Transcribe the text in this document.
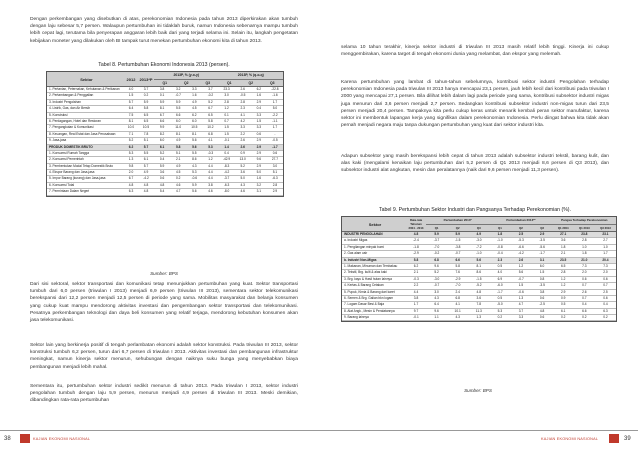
Dengan perkembangan yang disebutkan di atas, perekonomian Indonesia pada tahun 2013 diperkirakan akan tumbuh dengan laju sebesar 5,7 persen. Walaupun pertumbuhan ini tidaklah buruk, namun Indonesia sebenarnya mampu tumbuh lebih cepat lagi, terutama bila penyerapan anggaran lebih baik dari yang terjadi selama ini. Selain itu, langkah pengetatan kebijakan moneter yang dilakukan oleh BI tampak turut menekan pertumbuhan ekonomi kita di tahun 2013.
Tabel 8. Pertumbuhan Ekonomi Indonesia 2013 (persen).
Sektor	2012 2013*P
2013P, % (y-o-y)	2013P, % (q-o-q)
Q1	Q2	Q3	Q1	Q2	Q3
1. Pertanian, Peternakan, Kehutanan & Perikanan	4.0	3.7	3.8	3.2	3.3	3.7	23.3	2.6	6.2	-22.8
2. Pertambangan & Penggalian	1.5	0.2	0.1	-0.7	1.6	-0.2	3.0	-0.5	1.6	-1.6
3. Industri Pengolahan	5.7	5.9	5.9	5.9	4.9	5.2	2.8	2.8	2.9	1.7
4. Listrik, Gas, dan Air Bersih	6.4	5.8	8.1	5.5	4.5	6.7	1.2	2.3	0.4	5.0
5. Konstruksi	7.5	6.5	6.7	6.6	6.2	6.5	0.1	4.1	3.3	-2.2
6. Perdagangan, Hotel dan Restoran	8.1	6.5	6.6	6.0	6.0	5.8	0.7	4.2	1.5	-1.1
7. Pengangkutan & Komunikasi	10.0	10.5	9.9	11.0	10.5	10.2	1.5	3.3	3.3	1.7
8. Keuangan, Real Estat dan Jasa Perusahaan	7.1	7.8	8.2	8.1	8.1	6.8	1.5	2.2	0.6	-
9. Jasa-jasa	5.2	5.1	6.0	4.9	5.6	4.1	-0.1	2.6	2.9	-0.5
PRODUK DOMESTIK BRUTO	6.2	5.7	6.1	5.8	5.6	5.3	1.4	2.6	2.9	-1.7
1. Konsumsi Rumah Tangga	5.3	5.5	5.2	5.1	5.5	-0.3	0.4	0.9	2.9	0.6
2. Konsumsi Pemerintah	1.3	6.1	0.4	2.1	8.6	1.2	-42.9	13.0	9.6	27.7
3. Pembentukan Modal Tetap Domestik Bruto	9.8	5.7	5.9	4.9	4.3	4.4	-8.3	5.2	2.9	3.0
4. Ekspor Barang dan Jasa-jasa	2.0	4.9	3.6	4.5	5.3	4.4	-4.2	3.6	5.0	5.1
5. Impor Barang (kurang) dan Jasa-jasa	6.7	-4.2	0.6	0.2	-0.6	4.4	-3.7	5.0	1.6	-6.3
6. Konsumsi Total	4.8	4.8	4.8	4.6	5.9	3.8	-6.3	4.3	3.2	2.8
7. Permintaan Dalam Negeri	6.3	4.8	5.4	4.7	5.6	4.6	-8.0	4.6	3.1	2.9
Sumber: BPS
Dari sisi sektoral, sektor transportasi dan komunikasi tetap menunjukkan pertumbuhan yang kuat. Sektor transportasi tumbuh dari 6,0 persen (triwulan I 2013) menjadi 6,9 persen (triwulan III 2013), sementara sektor telekomunikasi berekspansi dari 12,2 persen menjadi 12,5 persen di periode yang sama. Mobilitas masyarakat dan belanja konsumen yang cukup kuat mampu mendorong aktivitas investasi dan pengembangan sektor transportasi dan telekomunikasi. Pesatnya perkembangan teknologi dan daya beli konsumen yang relatif terjaga, mendorong kebutuhan konsumen akan jasa telekomunikasi.
Sektor lain yang berkinerja positif di tengah perlambatan ekonomi adalah sektor konstruksi. Pada triwulan III 2013, sektor konstruksi tumbuh 6,2 persen, turun dari 6,7 persen di triwulan I 2013. Aktivitas investasi dan pembangunan infrastruktur meningkat, namun kinerja sektor menurun, sehubungan dengan naiknya suku bunga yang menyebabkan biaya pembangunan menjadi lebih mahal.
Sementara itu, pertumbuhan sektor industri sedikit menurun di tahun 2013. Pada triwulan I 2013, sektor industri pengolahan tumbuh dengan laju 5,9 persen, menurun menjadi 4,9 persen di triwulan III 2013. Meski demikian, dibandingkan rata-rata pertumbuhan
38	KAJIAN EKONOMI NASIONAL
selama 10 tahun terakhir, kinerja sektor industri di triwulan III 2013 masih relatif lebih tinggi. Kinerja ini cukup menggembirakan, karena target di tengah ekonomi dunia yang melambat, dan ekspor yang melemah.
Karena pertumbuhan yang lambat di tahun-tahun sebelumnya, kontribusi sektor industri Pengolahan terhadap perekonomian Indonesia pada triwulan III 2013 hanya mencapai 23,1 persen, jauh lebih kecil dari kontribusi pada triwulan I 2000 yang mencapai 27,1 persen. Bila dilihat lebih dalam lagi pada periode yang sama, kontribusi subsektor industri migas juga menurun dari 3,6 persen menjadi 2,7 persen. Sedangkan kontribusi subsektor industri non-migas turun dari 23,5 persen menjadi 20,4 persen. Tampaknya kita perlu cukup keras untuk menarik kembali peran sektor manufaktur, karena sektor ini membentuk lapangan kerja yang signifikan dalam perekonomian Indonesia. Perlu diingat bahwa kita tidak akan pernah menjadi negara maju tanpa dukungan pertumbuhan yang kuat dari sektor industri kita.
Adapun subsektor yang masih berekspansi lebih cepat di tahun 2013 adalah subsektor industri tekstil, barang kulit, dan alas kaki (mengalami kenaikan laju pertumbuhan dari 5,2 persen di Q1 2013 menjadi 8,6 persen di Q3 2013), dan subsektor industri alat angkutan, mesin dan peralatannya (naik dari 9,6 persen menjadi 11,3 persen).
Tabel 9. Pertumbuhan Sektor Industri dan Pangsanya Terhadap Perekonomian (%).
Sektor
Rata-rata Tahunan
2004 - 2013
Pertumbuhan 2013*	Pertumbuhan 2013**	Pangsa Terhadap Perekonomian
Q1	Q2	Q3	Q1	Q2	Q3	Q1 2004	Q1 2013	Q3 2013
INDUSTRI PENGOLAHAN	4.8	5.9	5.9	4.9	1.8	2.5	2.9	27.1	23.8	23.1
a. Industri Migas	-2.4	-3.7	-1.5	-3.0	-1.0	-5.3	-3.5	3.6	2.8	2.7
1. Pengilangan minyak bumi	-1.8	-7.0	-3.8	-7.2	-0.8	-6.6	-5.6	1.8	1.0	1.0
2. Gas alam cair	-2.9	-0.2	-0.7	-1.0	-0.4	-4.2	-1.7	2.1	1.8	1.7
b. Industri Non-Migas	5.8	6.8	6.6	5.6	2.3	2.6	3.1	23.5	21.0	20.4
1. Makanan, Minuman dan Tembakau	6.2	9.6	5.8	8.1	0.5	1.2	6.0	6.5	7.3	7.3
2. Tekstil, Brg. kulit & alas kaki	2.1	5.2	7.6	8.6	4.0	5.6	1.5	2.8	2.0	2.0
3. Brg. kayu & Hasil hutan lainnya	-0.3	-3.0	-2.9	-1.5	6.9	-0.7	0.8	1.2	0.6	0.6
4. Kertas & Barang Cetakan	2.2	-0.7	-7.0	-5.2	-6.0	1.5	-3.5	1.2	0.7	0.7
5. Pupuk, Kimia & Barang dari karet	4.4	3.0	2.4	4.8	-1.7	-0.6	3.8	2.9	2.6	2.5
6. Semen & Brg. Galian bkn logam	3.8	4.3	6.8	3.6	0.5	1.3	0.6	0.9	0.7	0.6
7. Logam Dasar Besi & Baja	1.7	6.4	4.1	7.8	-5.0	4.7	-2.5	0.5	0.4	0.4
8. Alat Angk., Mesin & Peralatannya	9.7	9.6	10.1	11.3	5.3	3.7	4.8	6.1	6.6	6.3
9. Barang lainnya	-0.1	1.1	4.3	1.3	0.2	3.3	0.6	0.2	0.2	0.2
Sumber: BPS
KAJIAN EKONOMI NASIONAL	39
